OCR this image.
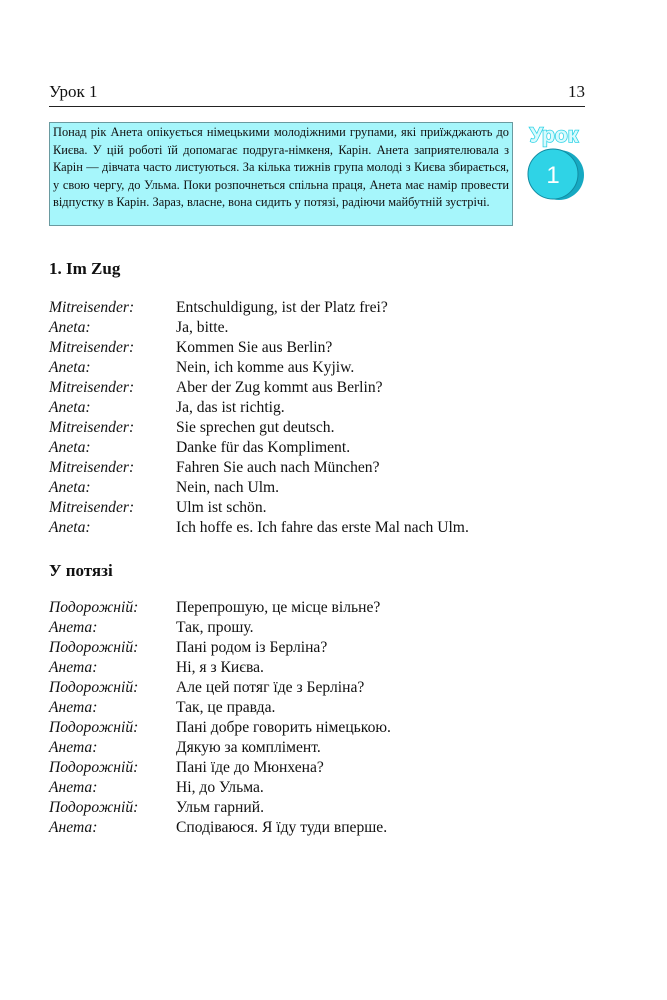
Урок 1	13
Понад рік Анета опікується німецькими молодіжними групами, які приїжджають до Києва. У цій роботі їй допомагає подруга-німкеня, Карін. Анета заприятелювала з Карін — дівчата часто листуються. За кілька тижнів група молоді з Києва збирається, у свою чергу, до Ульма. Поки розпочнеться спільна праця, Анета має намір провести відпустку в Карін. Зараз, власне, вона сидить у потязі, радіючи майбутній зустрічі.
Урок
1
1. Im Zug
Mitreisender:	Entschuldigung, ist der Platz frei?
Aneta:	Ja, bitte.
Mitreisender:	Kommen Sie aus Berlin?
Aneta:	Nein, ich komme aus Kyjiw.
Mitreisender:	Aber der Zug kommt aus Berlin?
Aneta:	Ja, das ist richtig.
Mitreisender:	Sie sprechen gut deutsch.
Aneta:	Danke für das Kompliment.
Mitreisender:	Fahren Sie auch nach München?
Aneta:	Nein, nach Ulm.
Mitreisender:	Ulm ist schön.
Aneta:	Ich hoffe es. Ich fahre das erste Mal nach Ulm.
У потязі
Подорожній: Перепрошую, це місце вільне?
Анета:	Так, прошу.
Подорожній: Пані родом із Берліна?
Анета:	Ні, я з Києва.
Подорожній: Але цей потяг їде з Берліна?
Анета:	Так, це правда.
Подорожній: Пані добре говорить німецькою.
Анета:	Дякую за комплімент.
Подорожній: Пані їде до Мюнхена?
Анета:	Ні, до Ульма.
Подорожній: Ульм гарний.
Анета:	Сподіваюся. Я їду туди вперше.
